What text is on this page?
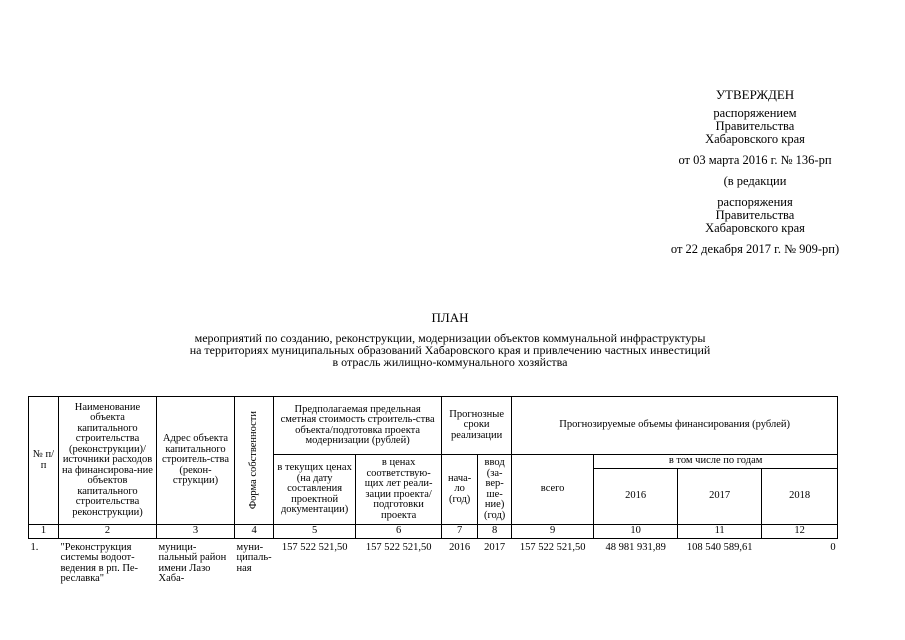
УТВЕРЖДЕН
распоряжением
Правительства
Хабаровского края
от 03 марта 2016 г. № 136-рп
(в редакции
распоряжения
Правительства
Хабаровского края
от 22 декабря 2017 г. № 909-рп)
ПЛАН
мероприятий по созданию, реконструкции, модернизации объектов коммунальной инфраструктуры
на территориях муниципальных образований Хабаровского края и привлечению частных инвестиций
в отрасль жилищно-коммунального хозяйства
№ п/п	Наименование объекта капитального строительства (реконструкции)/ источники расходов на финансирова-ние объектов капитального строительства реконструкции)	Адрес объекта капитального строитель-ства (рекон-струкции)	Форма собственности	Предполагаемая предельная сметная стоимость строитель-ства объекта/подготовка проекта модернизации (рублей)		Прогнозные сроки реализации		Прогнозируемые объемы финансирования (рублей)			
				в текущих ценах (на дату составления проектной документации)	в ценах соответствую-щих лет реали-зации проекта/ подготовки проекта	нача-ло (год)	ввод (за-вер-ше-ние) (год)	всего	в том числе по годам		
									2016	2017	2018
1	2	3	4	5	6	7	8	9	10	11	12
1.	"Реконструкция системы водоот-ведения в рп. Пе-реславка"	муници-пальный район имени Лазо Хаба-	муни-ципаль-ная	157 522 521,50	157 522 521,50	2016	2017	157 522 521,50	48 981 931,89	108 540 589,61	0
